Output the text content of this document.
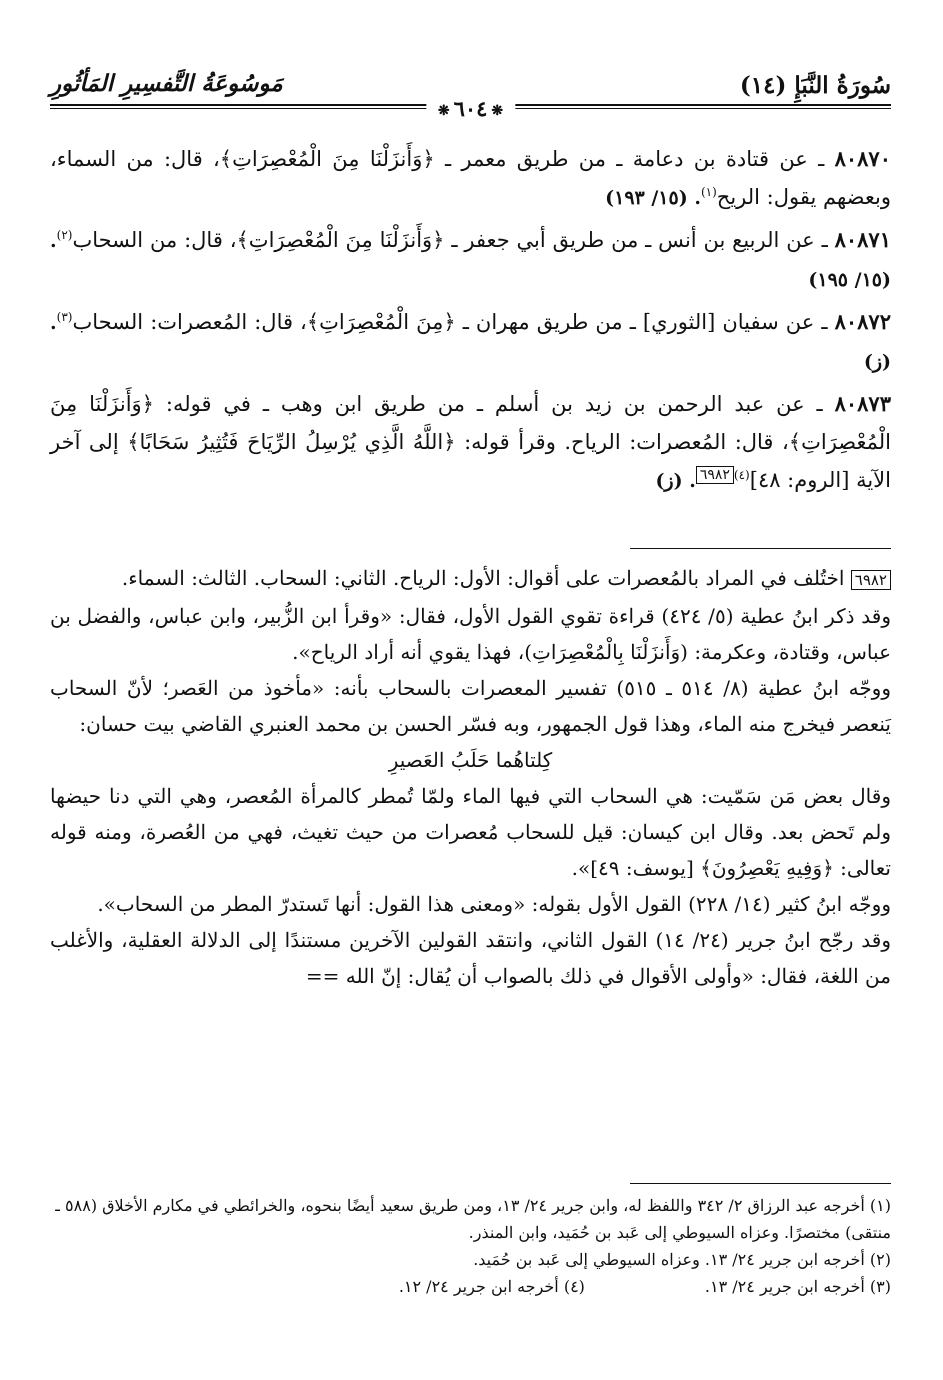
سُورَةُ النَّبَإِ (١٤)
مَوسُوعَةُ التَّفسِيرِ المَأثُورِ
❋٦٠٤❋

٨٠٨٧٠ ـ عن قتادة بن دعامة ـ من طريق معمر ـ ﴿وَأَنزَلْنَا مِنَ الْمُعْصِرَاتِ﴾، قال: من السماء، وبعضهم يقول: الريح$^{(١)}$. (١٥/ ١٩٣)

٨٠٨٧١ ـ عن الربيع بن أنس ـ من طريق أبي جعفر ـ ﴿وَأَنزَلْنَا مِنَ الْمُعْصِرَاتِ﴾، قال: من السحاب$^{(٢)}$. (١٥/ ١٩٥)

٨٠٨٧٢ ـ عن سفيان [الثوري] ـ من طريق مهران ـ ﴿مِنَ الْمُعْصِرَاتِ﴾، قال: المُعصرات: السحاب$^{(٣)}$. (ز)

٨٠٨٧٣ ـ عن عبد الرحمن بن زيد بن أسلم ـ من طريق ابن وهب ـ في قوله: ﴿وَأَنزَلْنَا مِنَ الْمُعْصِرَاتِ﴾، قال: المُعصرات: الرياح. وقرأ قوله: ﴿اللَّهُ الَّذِي يُرْسِلُ الرِّيَاحَ فَتُثِيرُ سَحَابًا﴾ إلى آخر الآية [الروم: ٤٨]$^{(٤)٦٩٨٢}$. (ز)

٦٩٨٢ اختُلف في المراد بالمُعصرات على أقوال: الأول: الرياح. الثاني: السحاب. الثالث: السماء.

وقد ذكر ابنُ عطية (٥/ ٤٢٤) قراءة تقوي القول الأول، فقال: «وقرأ ابن الزُّبير، وابن عباس، والفضل بن عباس، وقتادة، وعكرمة: (وَأَنزَلْنَا بِالْمُعْصِرَاتِ)، فهذا يقوي أنه أراد الرياح».

ووجّه ابنُ عطية (٨/ ٥١٤ ـ ٥١٥) تفسير المعصرات بالسحاب بأنه: «مأخوذ من العَصر؛ لأنّ السحاب يَنعصر فيخرج منه الماء، وهذا قول الجمهور، وبه فسّر الحسن بن محمد العنبري القاضي بيت حسان:

كِلتاهُما حَلَبُ العَصيرِ

وقال بعض مَن سَمّيت: هي السحاب التي فيها الماء ولمّا تُمطر كالمرأة المُعصر، وهي التي دنا حيضها ولم تَحض بعد. وقال ابن كيسان: قيل للسحاب مُعصرات من حيث تغيث، فهي من العُصرة، ومنه قوله تعالى: ﴿وَفِيهِ يَعْصِرُونَ﴾ [يوسف: ٤٩]».

ووجّه ابنُ كثير (١٤/ ٢٢٨) القول الأول بقوله: «ومعنى هذا القول: أنها تَستدرّ المطر من السحاب».

وقد رجّح ابنُ جرير (٢٤/ ١٤) القول الثاني، وانتقد القولين الآخرين مستندًا إلى الدلالة العقلية، والأغلب من اللغة، فقال: «وأولى الأقوال في ذلك بالصواب أن يُقال: إنّ الله ==

(١) أخرجه عبد الرزاق ٢/ ٣٤٢ واللفظ له، وابن جرير ٢٤/ ١٣، ومن طريق سعيد أيضًا بنحوه، والخرائطي في مكارم الأخلاق (٥٨٨ ـ منتقى) مختصرًا. وعزاه السيوطي إلى عَبد بن حُمَيد، وابن المنذر.

(٢) أخرجه ابن جرير ٢٤/ ١٣. وعزاه السيوطي إلى عَبد بن حُمَيد.

(٣) أخرجه ابن جرير ٢٤/ ١٣.
(٤) أخرجه ابن جرير ٢٤/ ١٢.
